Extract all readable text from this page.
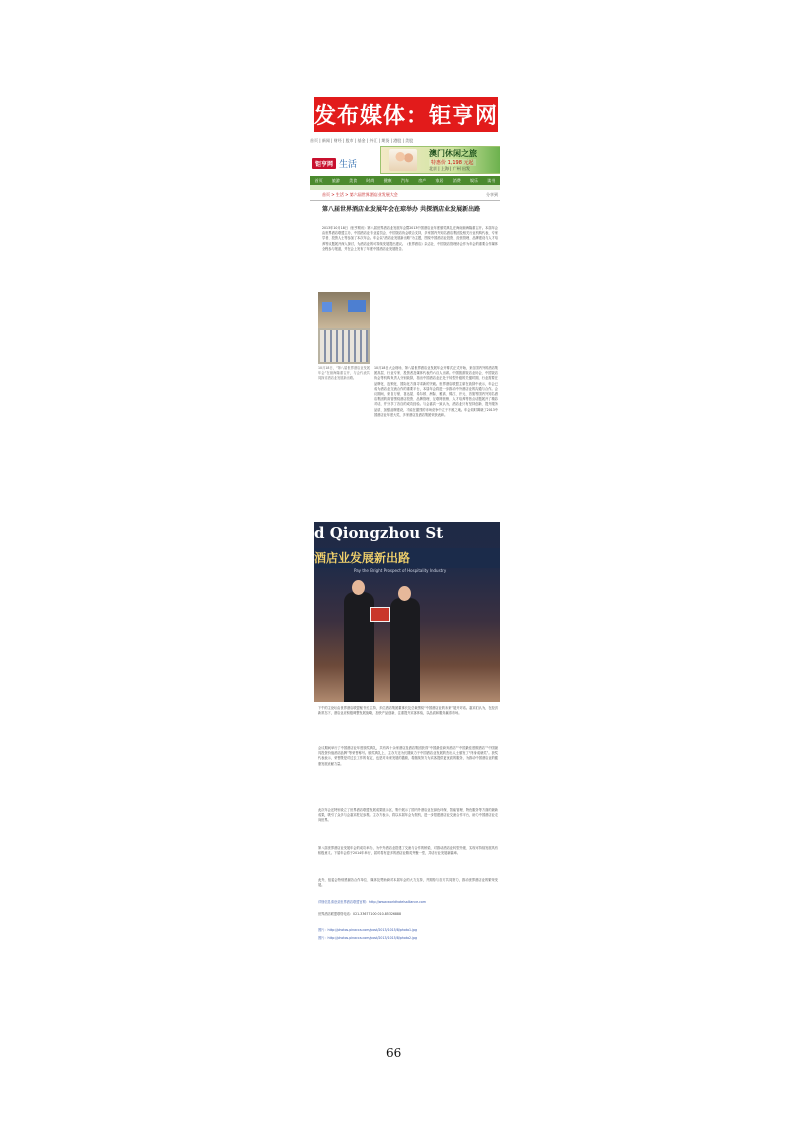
发布媒体：钜亨网
首页 | 新闻 | 财经 | 股市 | 基金 | 外汇 | 期货 | 港股 | 美股
钜亨网 生活
澳门休闲之旅
特惠价 1,198 元起
北京 | 上海 | 广州 出发
首页	旅游	美食	时尚	健康	汽车	房产	家居	消费	娱乐	读书
首页 > 生活 > 第六届世界酒店业发展大会	分享到
第八届世界酒店业发展年会在琼举办 共探酒店业发展新出路
2013年10月18日（钜亨网讯）第八届世界酒店业发展年会暨2013中国酒店业年度颁奖典礼在海南琼海隆重召开。本届年会由世界酒店联盟主办，中国酒店业专业委员会、中国饭店协会联合支持，多家国内外知名酒店集团及相关行业机构代表、专家学者、投资人士等参加了本次年会。年会以“酒店业发展新出路”为主题，围绕中国酒店业投资、经营管理、品牌建设与人才培养等议题展开深入探讨，为酒店业的可持续发展提出建议。《世界酒店》杂志社、中国饭店管理协会作为年会的重要合作媒体全程参与报道，并在会上发布了年度中国酒店业发展报告。
10月18日，“第八届世界酒店业发展年会”在琼海隆重召开，与会代表共同探讨酒店业发展新出路。
10月18日大会现场，第八届世界酒店业发展年会开幕式正式开始，来自国内外的酒店集团高层、行业专家、投资者及媒体代表约六百人出席。中国旅游饭店业协会、中国饭店协会等机构负责人分别致辞，指出中国酒店业正处于转型升级的关键时期，行业需要在品牌化、连锁化、国际化方面寻求新的突破。世界酒店联盟主席在致辞中表示，年会已成为酒店业交流合作的重要平台，本届年会将进一步推动中外酒店业的沟通与合作。会议期间，来自万豪、喜达屋、希尔顿、洲际、雅高、锦江、开元、首旅等国内外知名酒店集团的高管围绕酒店投资、品牌管理、互联网营销、人才培养等热点话题展开了精彩对话，并分享了各自的成功经验。与会嘉宾一致认为，酒店业只有坚持创新、提升服务品质、加强品牌建设，才能在激烈的市场竞争中立于不败之地。年会同时揭晓了2013中国酒店业年度大奖，多家酒店及酒店集团荣获表彰。
d Qiongzhou St
酒店业发展新出路
Pay the Bright Prospect of Hospitality Industry
下午的主论坛由世界酒店联盟秘书长主持，多位酒店集团董事长及总裁围绕“中国酒店业的未来”展开对话。嘉宾们认为，在经济新常态下，酒店业应积极调整发展战略，加快产品创新，注重提升宾客体验，以品质和服务赢得市场。
会议期间举行了中国酒店业年度颁奖典礼，共有四十余家酒店及酒店集团获得“中国最佳商务酒店”“中国最佳度假酒店”“中国最具投资价值酒店品牌”等荣誉称号。颁奖典礼上，主办方还为长期致力于中国酒店业发展的杰出人士颁发了“终身成就奖”。获奖代表表示，荣誉既是对过去工作的肯定，也是对未来发展的激励，将继续努力为宾客提供更优质的服务，为推动中国酒店业的健康发展贡献力量。
此次年会还特别设立了世界酒店联盟发展成果展示区，集中展示了国内外酒店业在绿色环保、智能管理、特色服务等方面的最新成果，吸引了众多与会嘉宾驻足参观。主办方表示，将以本届年会为契机，进一步搭建酒店业交流合作平台，助力中国酒店业走向世界。
第八届世界酒店业发展年会的成功举办，为中外酒店业搭建了交流与合作的桥梁，对推动酒店业转型升级、实现可持续发展具有积极意义。下届年会将于2014年举行，届时将有更多的酒店业精英齐聚一堂，共话行业发展新篇章。
此外，组委会特别感谢各合作单位、媒体及赞助商对本届年会的大力支持，并期待与各方共同努力，推动世界酒店业的繁荣发展。
详细信息请登录世界酒店联盟官网：http://www.worldhotelsalliance.com
世界酒店联盟联络电话：021-33677100 010-85326888
图片：http://photos.pinacca.com/post/2013/1015/8/photo1.jpg
图片：http://photos.pinacca.com/post/2013/1015/8/photo2.jpg
66
